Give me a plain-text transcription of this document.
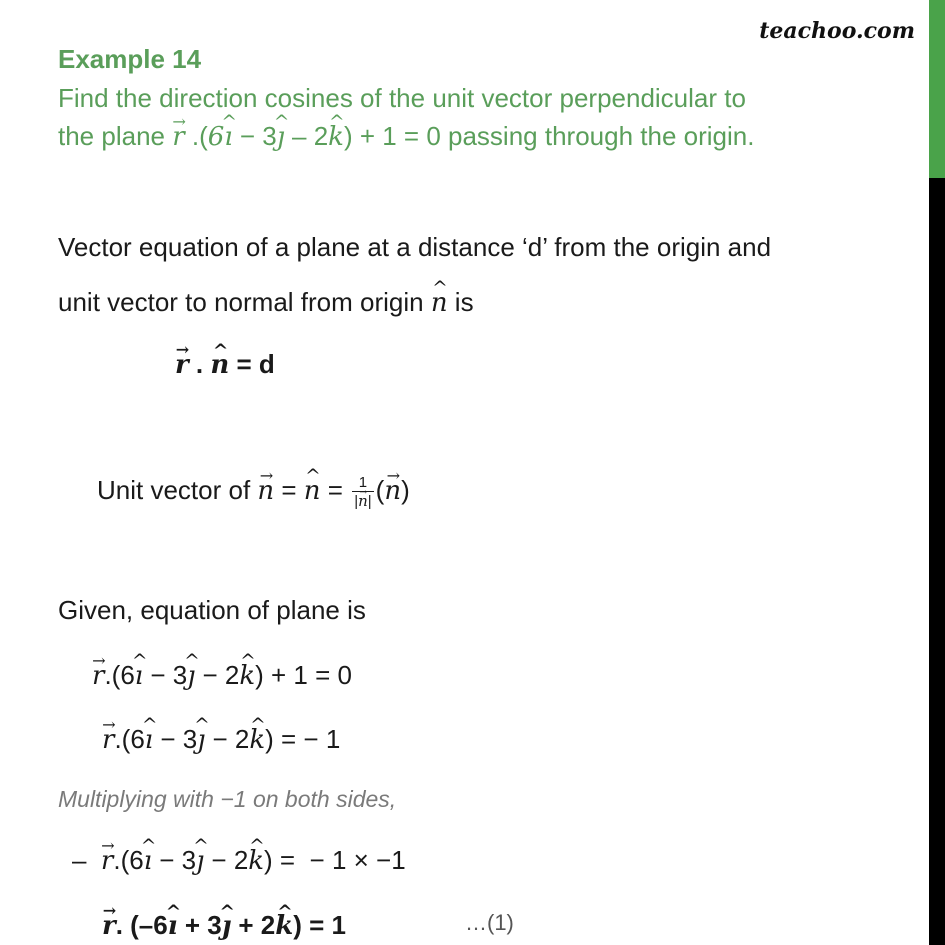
teachoo.com
Example 14
Find the direction cosines of the unit vector perpendicular to
the plane → r .(6^ ı − 3^ ȷ – 2^ k) + 1 = 0 passing through the origin.
Vector equation of a plane at a distance ‘d’ from the origin and
unit vector to normal from origin ^ n is
→ r . ^ n = d
Unit vector of → n = ^ $n = \frac{1}{|\to n|}$ (→ n)
Given, equation of plane is
→ r.(6^ ı − 3^ ȷ − 2^ k) + 1 = 0
→ r.(6^ ı − 3^ ȷ − 2^ k) = − 1
Multiplying with −1 on both sides,
–  → r.(6^ ı − 3^ ȷ − 2^ k) =  − 1 × −1
→ r. (–6^ ı + 3^ ȷ + 2^ k) = 1	…(1)
